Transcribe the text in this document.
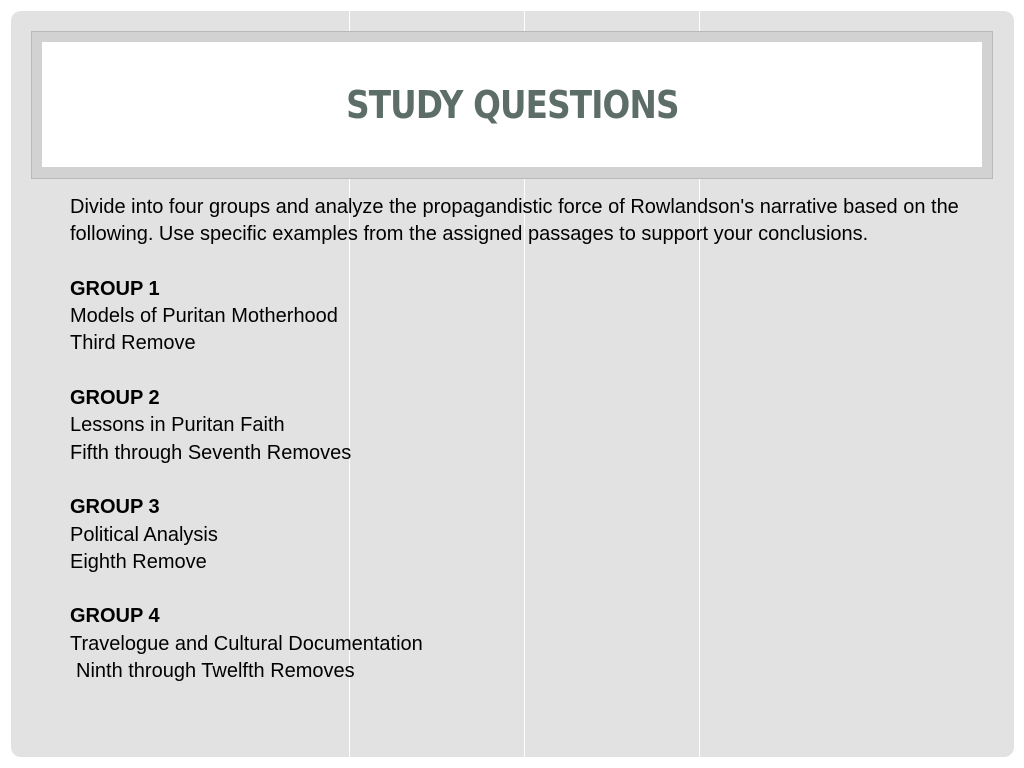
STUDY QUESTIONS

Divide into four groups and analyze the propagandistic force of Rowlandson's narrative based on the following. Use specific examples from the assigned passages to support your conclusions.

GROUP 1

Models of Puritan Motherhood

Third Remove

GROUP 2

Lessons in Puritan Faith

Fifth through Seventh Removes

GROUP 3

Political Analysis

Eighth Remove

GROUP 4

Travelogue and Cultural Documentation

Ninth through Twelfth Removes
